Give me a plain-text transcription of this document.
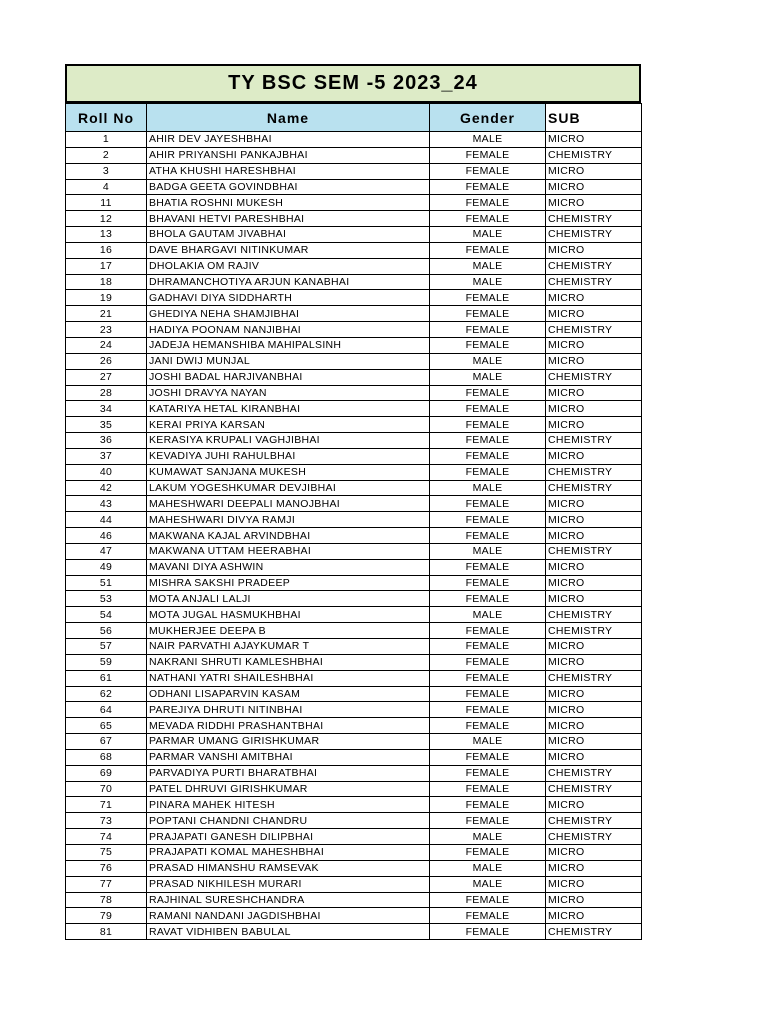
TY BSC SEM -5 2023_24
Roll No	Name	Gender	SUB
1	AHIR DEV JAYESHBHAI	MALE	MICRO
2	AHIR PRIYANSHI PANKAJBHAI	FEMALE	CHEMISTRY
3	ATHA KHUSHI HARESHBHAI	FEMALE	MICRO
4	BADGA GEETA GOVINDBHAI	FEMALE	MICRO
11	BHATIA ROSHNI MUKESH	FEMALE	MICRO
12	BHAVANI HETVI PARESHBHAI	FEMALE	CHEMISTRY
13	BHOLA GAUTAM JIVABHAI	MALE	CHEMISTRY
16	DAVE BHARGAVI NITINKUMAR	FEMALE	MICRO
17	DHOLAKIA OM RAJIV	MALE	CHEMISTRY
18	DHRAMANCHOTIYA ARJUN KANABHAI	MALE	CHEMISTRY
19	GADHAVI DIYA SIDDHARTH	FEMALE	MICRO
21	GHEDIYA NEHA SHAMJIBHAI	FEMALE	MICRO
23	HADIYA POONAM NANJIBHAI	FEMALE	CHEMISTRY
24	JADEJA HEMANSHIBA MAHIPALSINH	FEMALE	MICRO
26	JANI DWIJ MUNJAL	MALE	MICRO
27	JOSHI BADAL HARJIVANBHAI	MALE	CHEMISTRY
28	JOSHI DRAVYA NAYAN	FEMALE	MICRO
34	KATARIYA HETAL KIRANBHAI	FEMALE	MICRO
35	KERAI PRIYA KARSAN	FEMALE	MICRO
36	KERASIYA KRUPALI VAGHJIBHAI	FEMALE	CHEMISTRY
37	KEVADIYA JUHI RAHULBHAI	FEMALE	MICRO
40	KUMAWAT SANJANA MUKESH	FEMALE	CHEMISTRY
42	LAKUM YOGESHKUMAR DEVJIBHAI	MALE	CHEMISTRY
43	MAHESHWARI DEEPALI MANOJBHAI	FEMALE	MICRO
44	MAHESHWARI DIVYA RAMJI	FEMALE	MICRO
46	MAKWANA KAJAL ARVINDBHAI	FEMALE	MICRO
47	MAKWANA UTTAM HEERABHAI	MALE	CHEMISTRY
49	MAVANI DIYA ASHWIN	FEMALE	MICRO
51	MISHRA SAKSHI PRADEEP	FEMALE	MICRO
53	MOTA ANJALI LALJI	FEMALE	MICRO
54	MOTA JUGAL HASMUKHBHAI	MALE	CHEMISTRY
56	MUKHERJEE DEEPA B	FEMALE	CHEMISTRY
57	NAIR PARVATHI AJAYKUMAR T	FEMALE	MICRO
59	NAKRANI SHRUTI KAMLESHBHAI	FEMALE	MICRO
61	NATHANI YATRI SHAILESHBHAI	FEMALE	CHEMISTRY
62	ODHANI LISAPARVIN KASAM	FEMALE	MICRO
64	PAREJIYA DHRUTI NITINBHAI	FEMALE	MICRO
65	MEVADA RIDDHI PRASHANTBHAI	FEMALE	MICRO
67	PARMAR UMANG GIRISHKUMAR	MALE	MICRO
68	PARMAR VANSHI AMITBHAI	FEMALE	MICRO
69	PARVADIYA PURTI BHARATBHAI	FEMALE	CHEMISTRY
70	PATEL DHRUVI GIRISHKUMAR	FEMALE	CHEMISTRY
71	PINARA MAHEK HITESH	FEMALE	MICRO
73	POPTANI CHANDNI CHANDRU	FEMALE	CHEMISTRY
74	PRAJAPATI GANESH DILIPBHAI	MALE	CHEMISTRY
75	PRAJAPATI KOMAL MAHESHBHAI	FEMALE	MICRO
76	PRASAD HIMANSHU RAMSEVAK	MALE	MICRO
77	PRASAD NIKHILESH MURARI	MALE	MICRO
78	RAJHINAL SURESHCHANDRA	FEMALE	MICRO
79	RAMANI NANDANI JAGDISHBHAI	FEMALE	MICRO
81	RAVAT VIDHIBEN BABULAL	FEMALE	CHEMISTRY
